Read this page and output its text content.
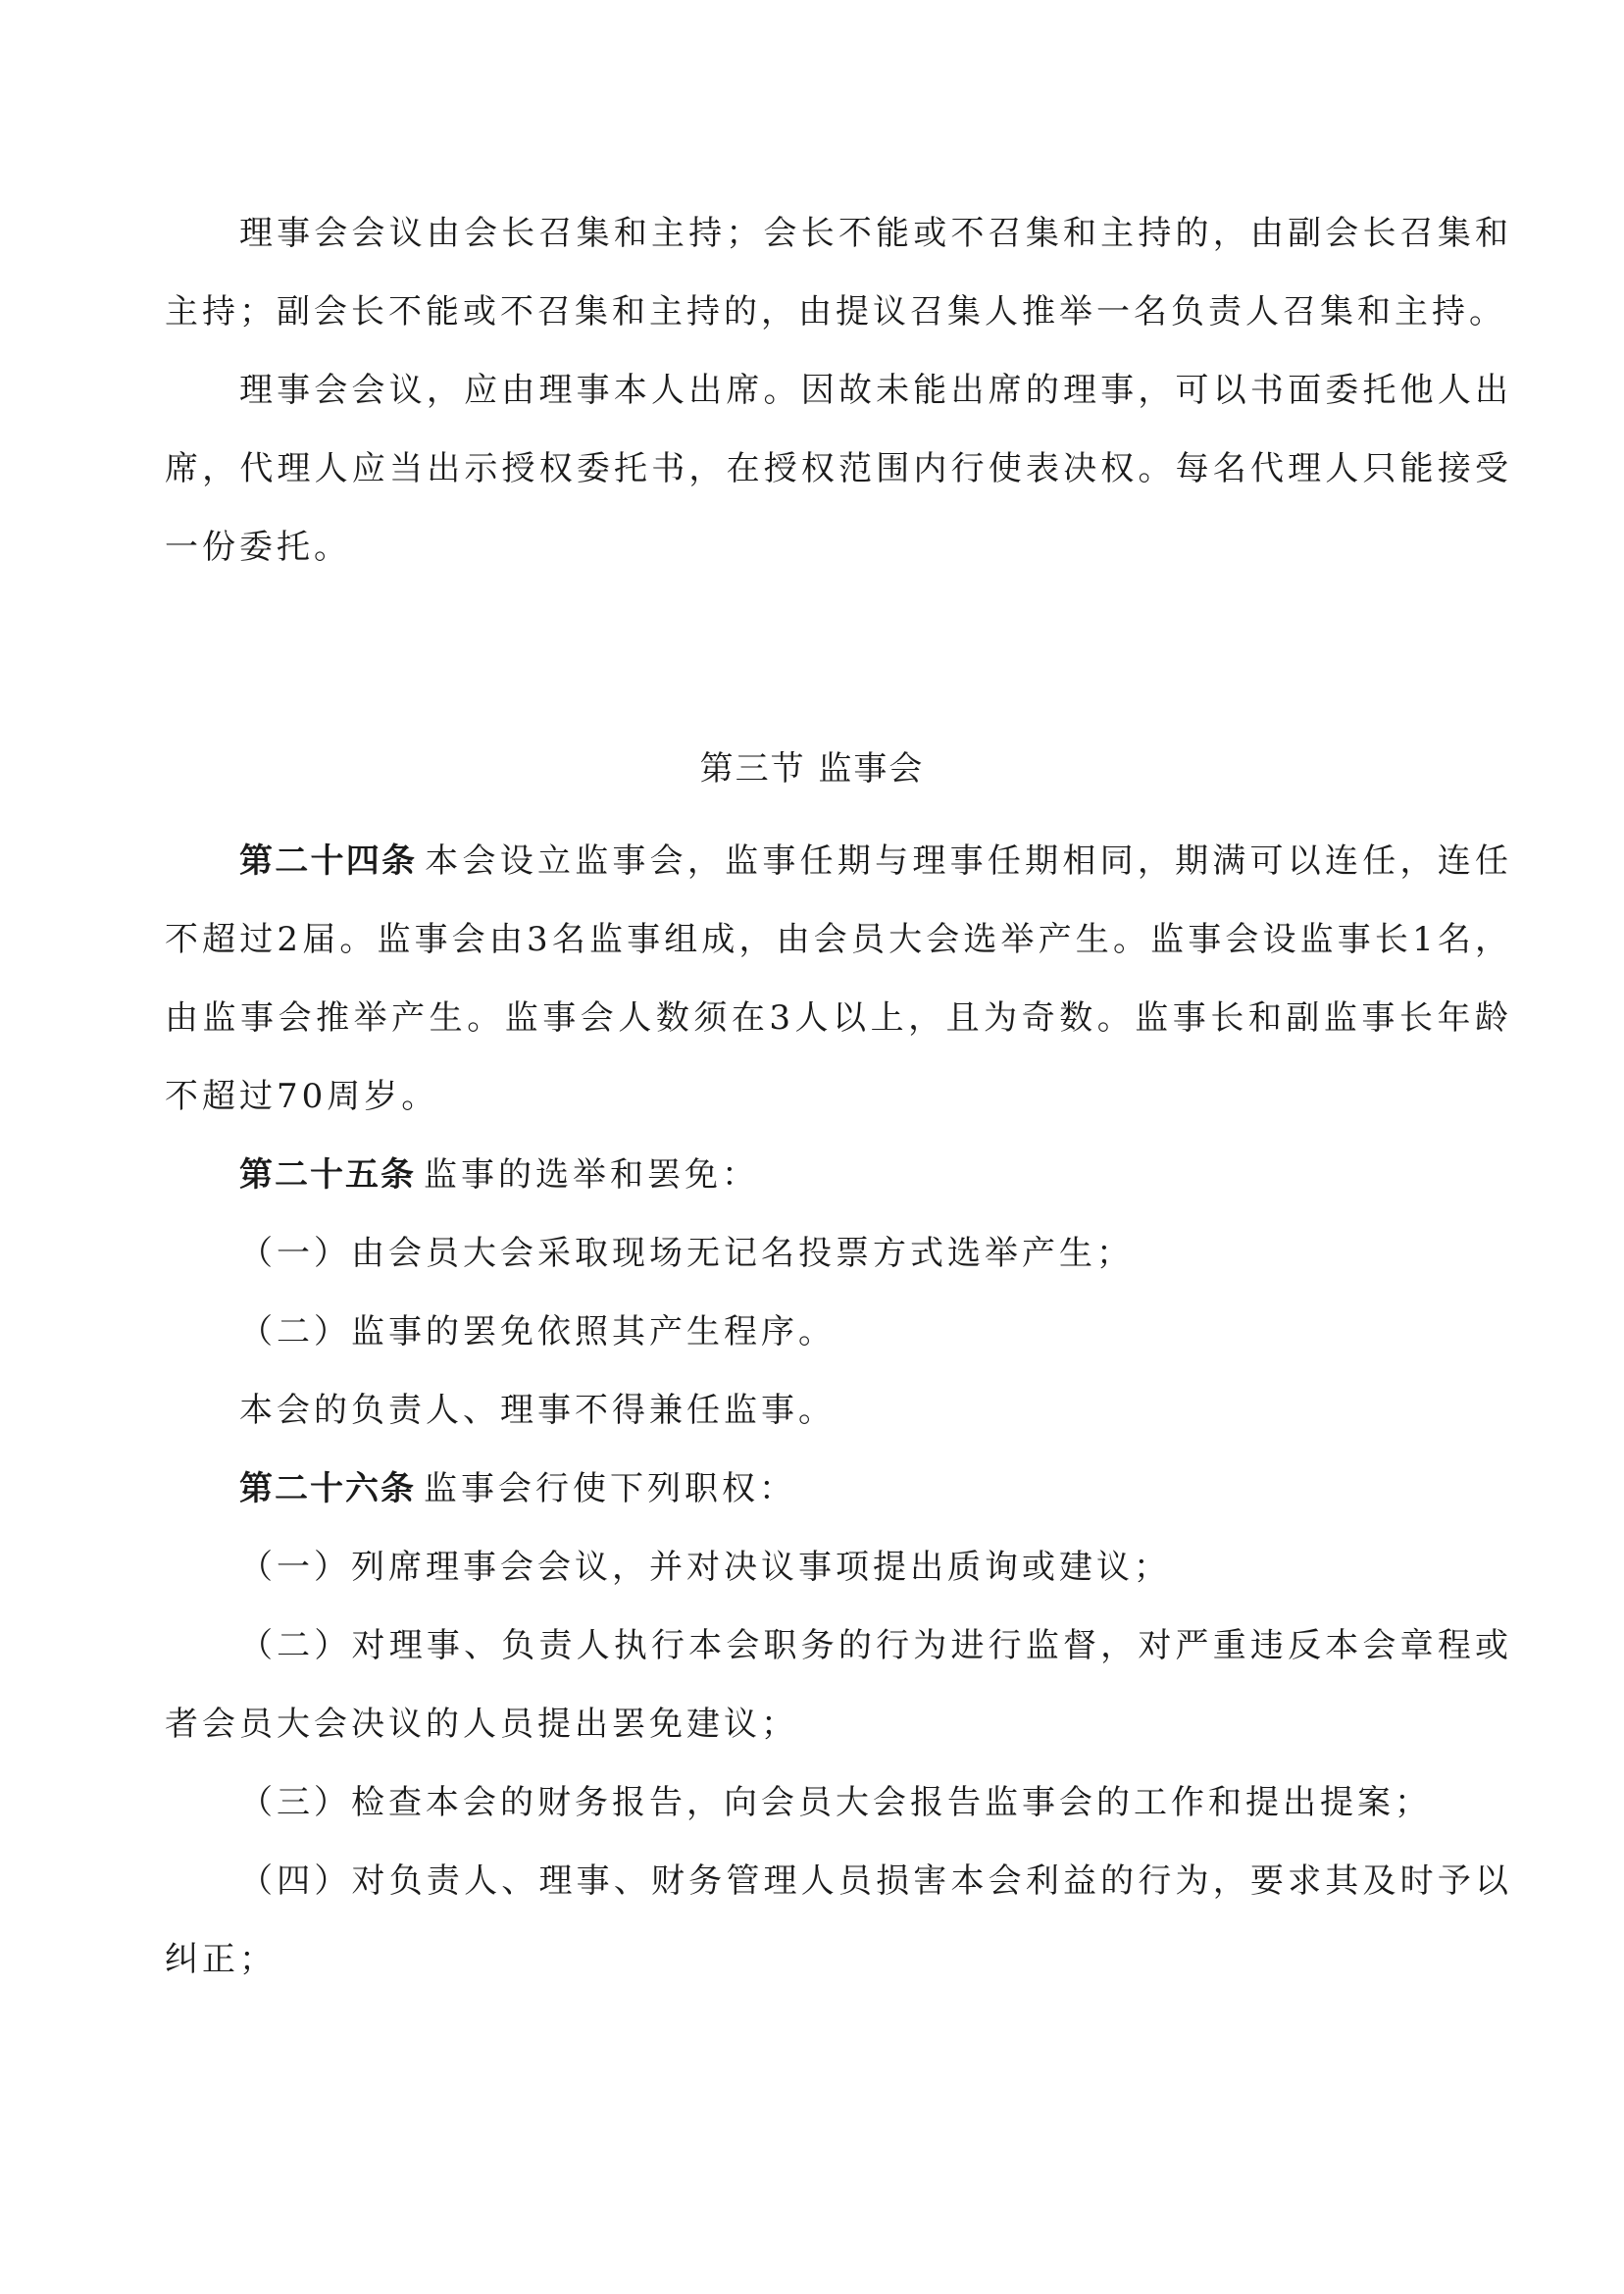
理事会会议由会长召集和主持；会长不能或不召集和主持的，由副会长召集和主持；副会长不能或不召集和主持的，由提议召集人推举一名负责人召集和主持。

理事会会议，应由理事本人出席。因故未能出席的理事，可以书面委托他人出席，代理人应当出示授权委托书，在授权范围内行使表决权。每名代理人只能接受一份委托。

第三节 监事会

第二十四条 本会设立监事会，监事任期与理事任期相同，期满可以连任，连任不超过2届。监事会由3名监事组成，由会员大会选举产生。监事会设监事长1名，由监事会推举产生。监事会人数须在3人以上，且为奇数。监事长和副监事长年龄不超过70周岁。

第二十五条 监事的选举和罢免：

（一）由会员大会采取现场无记名投票方式选举产生；

（二）监事的罢免依照其产生程序。

本会的负责人、理事不得兼任监事。

第二十六条 监事会行使下列职权：

（一）列席理事会会议，并对决议事项提出质询或建议；

（二）对理事、负责人执行本会职务的行为进行监督，对严重违反本会章程或者会员大会决议的人员提出罢免建议；

（三）检查本会的财务报告，向会员大会报告监事会的工作和提出提案；

（四）对负责人、理事、财务管理人员损害本会利益的行为，要求其及时予以纠正；
